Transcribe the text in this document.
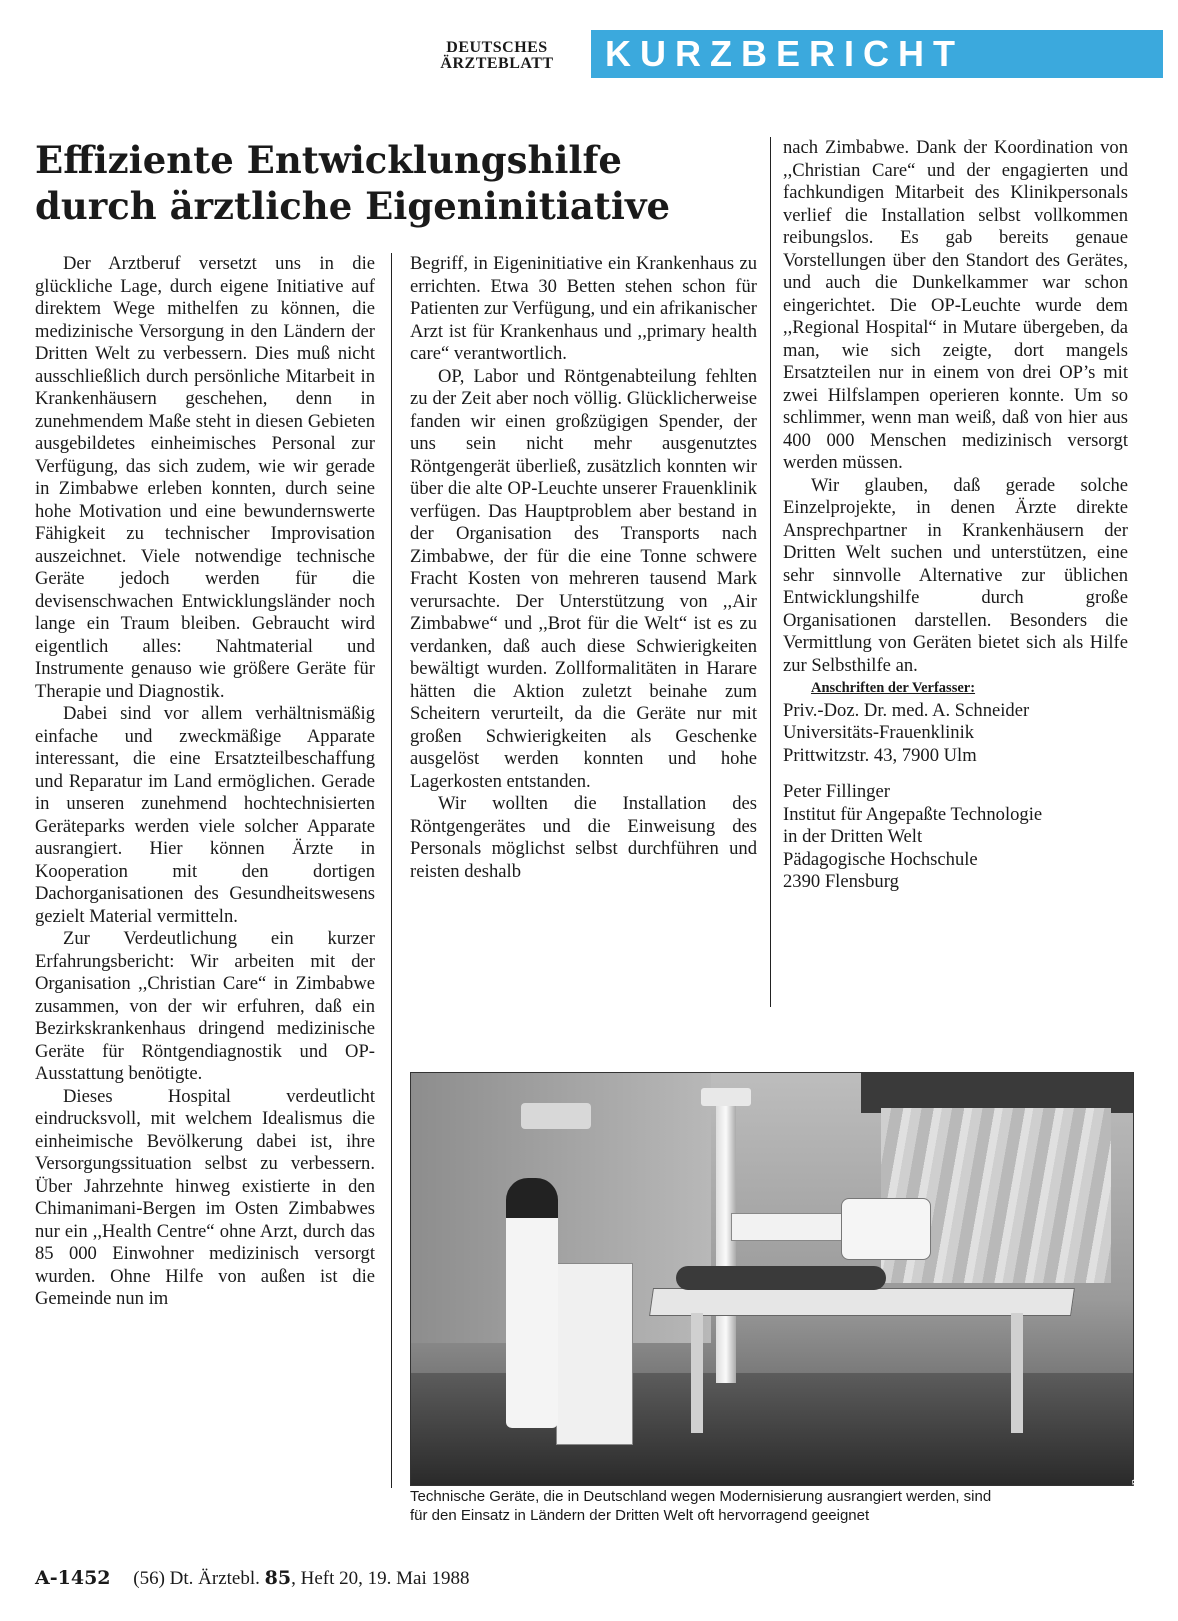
DEUTSCHES
ÄRZTEBLATT	KURZBERICHT
Effiziente Entwicklungshilfe
durch ärztliche Eigeninitiative

Der Arztberuf versetzt uns in die glückliche Lage, durch eigene Initiative auf direktem Wege mithelfen zu können, die medizinische Versorgung in den Ländern der Dritten Welt zu verbessern. Dies muß nicht ausschließlich durch persönliche Mitarbeit in Krankenhäusern geschehen, denn in zunehmendem Maße steht in diesen Gebieten ausgebildetes einheimisches Personal zur Verfügung, das sich zudem, wie wir gerade in Zimbabwe erleben konnten, durch seine hohe Motivation und eine bewundernswerte Fähigkeit zu technischer Improvisation auszeichnet. Viele notwendige technische Geräte jedoch werden für die devisenschwachen Entwicklungsländer noch lange ein Traum bleiben. Gebraucht wird eigentlich alles: Nahtmaterial und Instrumente genauso wie größere Geräte für Therapie und Diagnostik.

Dabei sind vor allem verhältnismäßig einfache und zweckmäßige Apparate interessant, die eine Ersatzteilbeschaffung und Reparatur im Land ermöglichen. Gerade in unseren zunehmend hochtechnisierten Geräteparks werden viele solcher Apparate ausrangiert. Hier können Ärzte in Kooperation mit den dortigen Dachorganisationen des Gesundheitswesens gezielt Material vermitteln.

Zur Verdeutlichung ein kurzer Erfahrungsbericht: Wir arbeiten mit der Organisation ,,Christian Care“ in Zimbabwe zusammen, von der wir erfuhren, daß ein Bezirkskrankenhaus dringend medizinische Geräte für Röntgendiagnostik und OP-Ausstattung benötigte.

Dieses Hospital verdeutlicht eindrucksvoll, mit welchem Idealismus die einheimische Bevölkerung dabei ist, ihre Versorgungssituation selbst zu verbessern. Über Jahrzehnte hinweg existierte in den Chimanimani-Bergen im Osten Zimbabwes nur ein ,,Health Centre“ ohne Arzt, durch das 85 000 Einwohner medizinisch versorgt wurden. Ohne Hilfe von außen ist die Gemeinde nun im

Begriff, in Eigeninitiative ein Krankenhaus zu errichten. Etwa 30 Betten stehen schon für Patienten zur Verfügung, und ein afrikanischer Arzt ist für Krankenhaus und ,,primary health care“ verantwortlich.

OP, Labor und Röntgenabteilung fehlten zu der Zeit aber noch völlig. Glücklicherweise fanden wir einen großzügigen Spender, der uns sein nicht mehr ausgenutztes Röntgengerät überließ, zusätzlich konnten wir über die alte OP-Leuchte unserer Frauenklinik verfügen. Das Hauptproblem aber bestand in der Organisation des Transports nach Zimbabwe, der für die eine Tonne schwere Fracht Kosten von mehreren tausend Mark verursachte. Der Unterstützung von ,,Air Zimbabwe“ und ,,Brot für die Welt“ ist es zu verdanken, daß auch diese Schwierigkeiten bewältigt wurden. Zollformalitäten in Harare hätten die Aktion zuletzt beinahe zum Scheitern verurteilt, da die Geräte nur mit großen Schwierigkeiten als Geschenke ausgelöst werden konnten und hohe Lagerkosten entstanden.

Wir wollten die Installation des Röntgengerätes und die Einweisung des Personals möglichst selbst durchführen und reisten deshalb

nach Zimbabwe. Dank der Koordination von ,,Christian Care“ und der engagierten und fachkundigen Mitarbeit des Klinikpersonals verlief die Installation selbst vollkommen reibungslos. Es gab bereits genaue Vorstellungen über den Standort des Gerätes, und auch die Dunkelkammer war schon eingerichtet. Die OP-Leuchte wurde dem ,,Regional Hospital“ in Mutare übergeben, da man, wie sich zeigte, dort mangels Ersatzteilen nur in einem von drei OP’s mit zwei Hilfslampen operieren konnte. Um so schlimmer, wenn man weiß, daß von hier aus 400 000 Menschen medizinisch versorgt werden müssen.

Wir glauben, daß gerade solche Einzelprojekte, in denen Ärzte direkte Ansprechpartner in Krankenhäusern der Dritten Welt suchen und unterstützen, eine sehr sinnvolle Alternative zur üblichen Entwicklungshilfe durch große Organisationen darstellen. Besonders die Vermittlung von Geräten bietet sich als Hilfe zur Selbsthilfe an.

Anschriften der Verfasser:

Priv.-Doz. Dr. med. A. Schneider
Universitäts-Frauenklinik
Prittwitzstr. 43, 7900 Ulm
Peter Fillinger
Institut für Angepaßte Technologie
in der Dritten Welt
Pädagogische Hochschule
2390 Flensburg
Foto: Autoren
Technische Geräte, die in Deutschland wegen Modernisierung ausrangiert werden, sind
für den Einsatz in Ländern der Dritten Welt oft hervorragend geeignet
A-1452 (56) Dt. Ärztebl. 85, Heft 20, 19. Mai 1988
